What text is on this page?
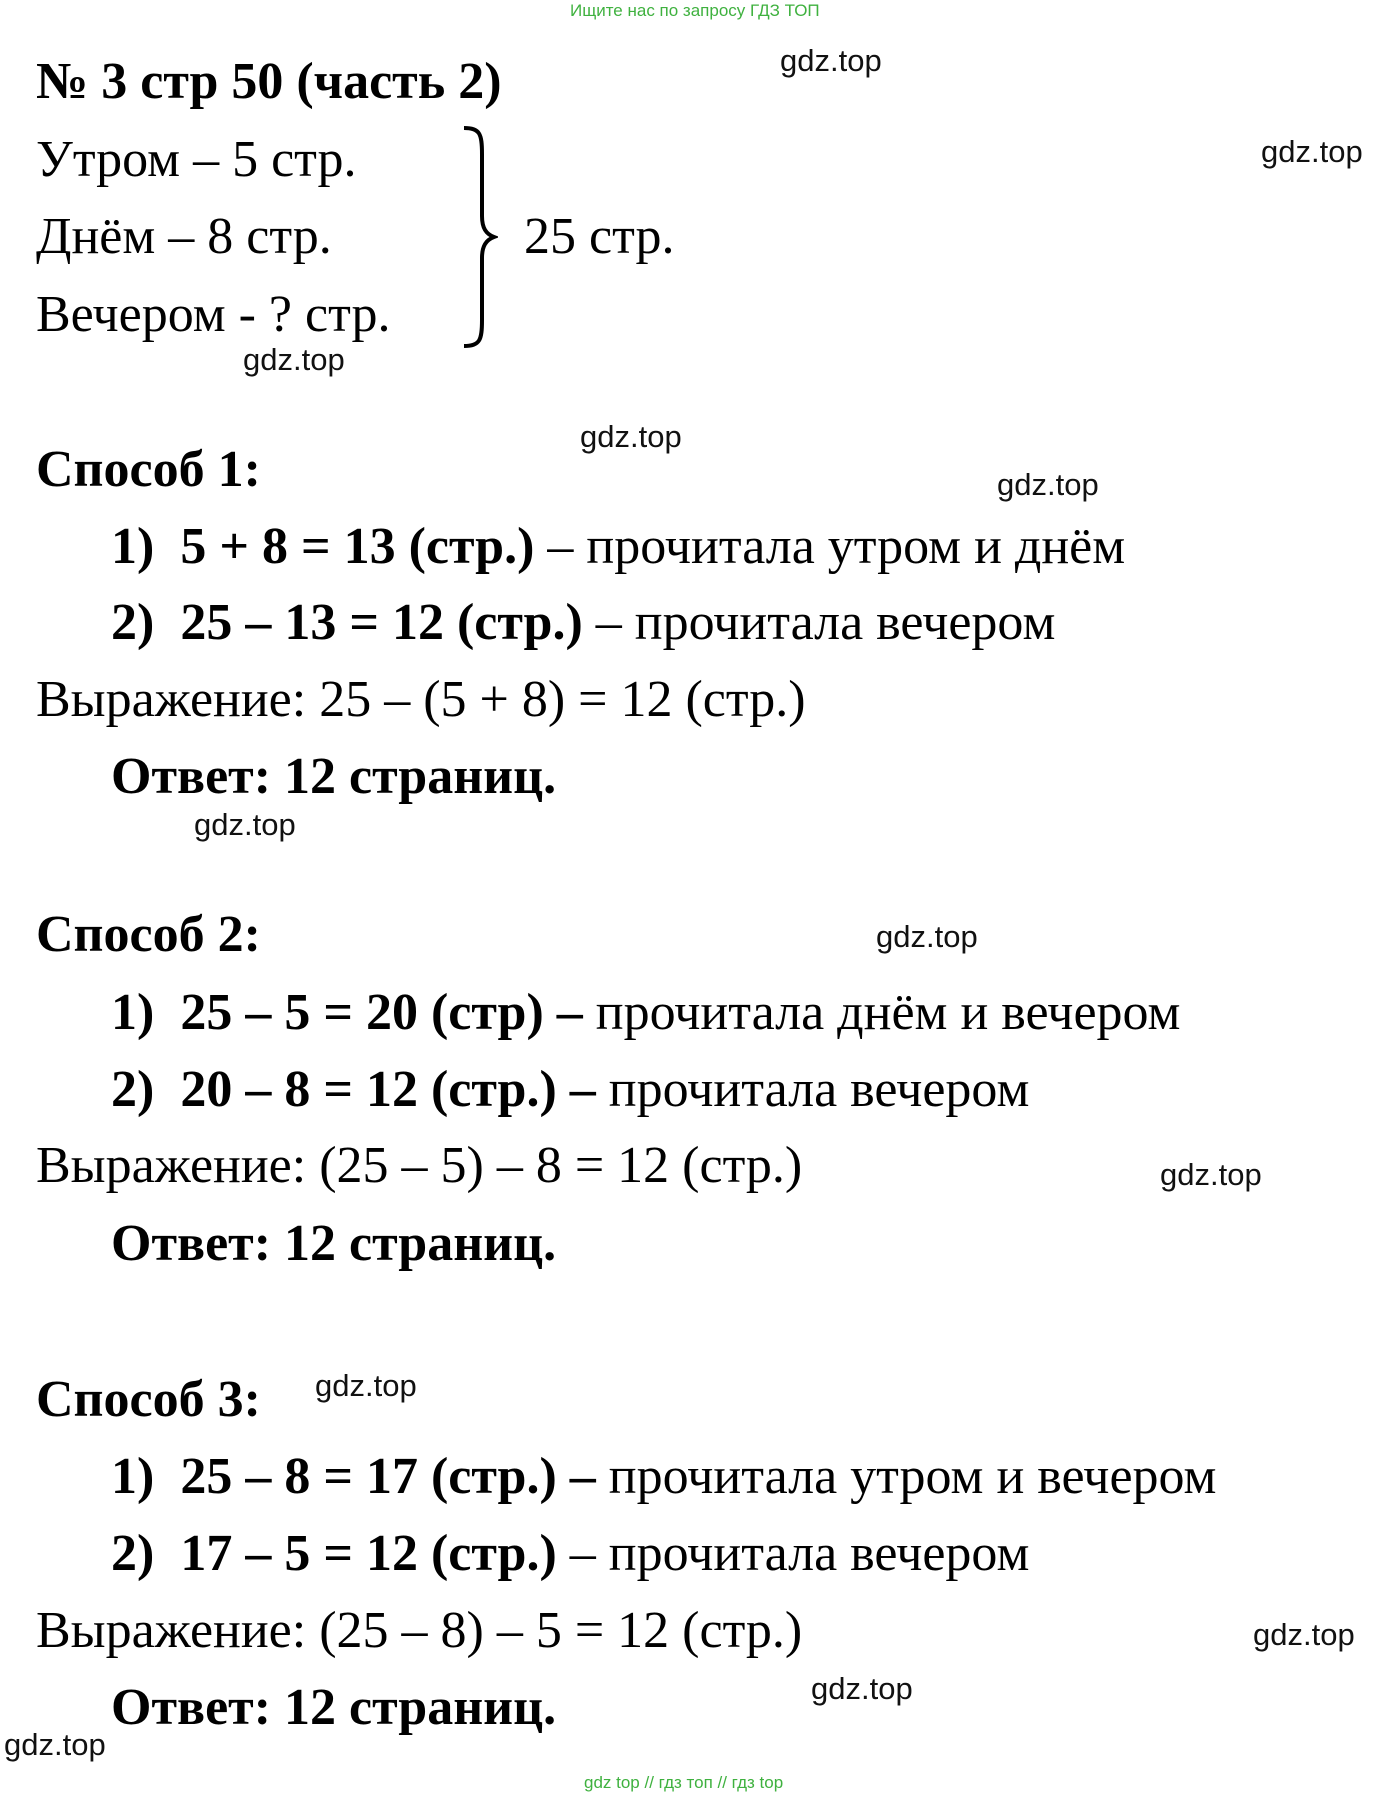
Ищите нас по запросу ГДЗ ТОП
№ 3 стр 50 (часть 2)
Утром – 5 стр.
Днём – 8 стр.
Вечером - ? стр.
25 стр.
Способ 1:
1) 5 + 8 = 13 (стр.) – прочитала утром и днём
2) 25 – 13 = 12 (стр.) – прочитала вечером
Выражение: 25 – (5 + 8) = 12 (стр.)
Ответ: 12 страниц.
Способ 2:
1) 25 – 5 = 20 (стр) – прочитала днём и вечером
2) 20 – 8 = 12 (стр.) – прочитала вечером
Выражение: (25 – 5) – 8 = 12 (стр.)
Ответ: 12 страниц.
Способ 3:
1) 25 – 8 = 17 (стр.) – прочитала утром и вечером
2) 17 – 5 = 12 (стр.) – прочитала вечером
Выражение: (25 – 8) – 5 = 12 (стр.)
Ответ: 12 страниц.
gdz.top
gdz.top
gdz.top
gdz.top
gdz.top
gdz.top
gdz.top
gdz.top
gdz.top
gdz.top
gdz.top
gdz.top
gdz top // гдз топ // гдз top
